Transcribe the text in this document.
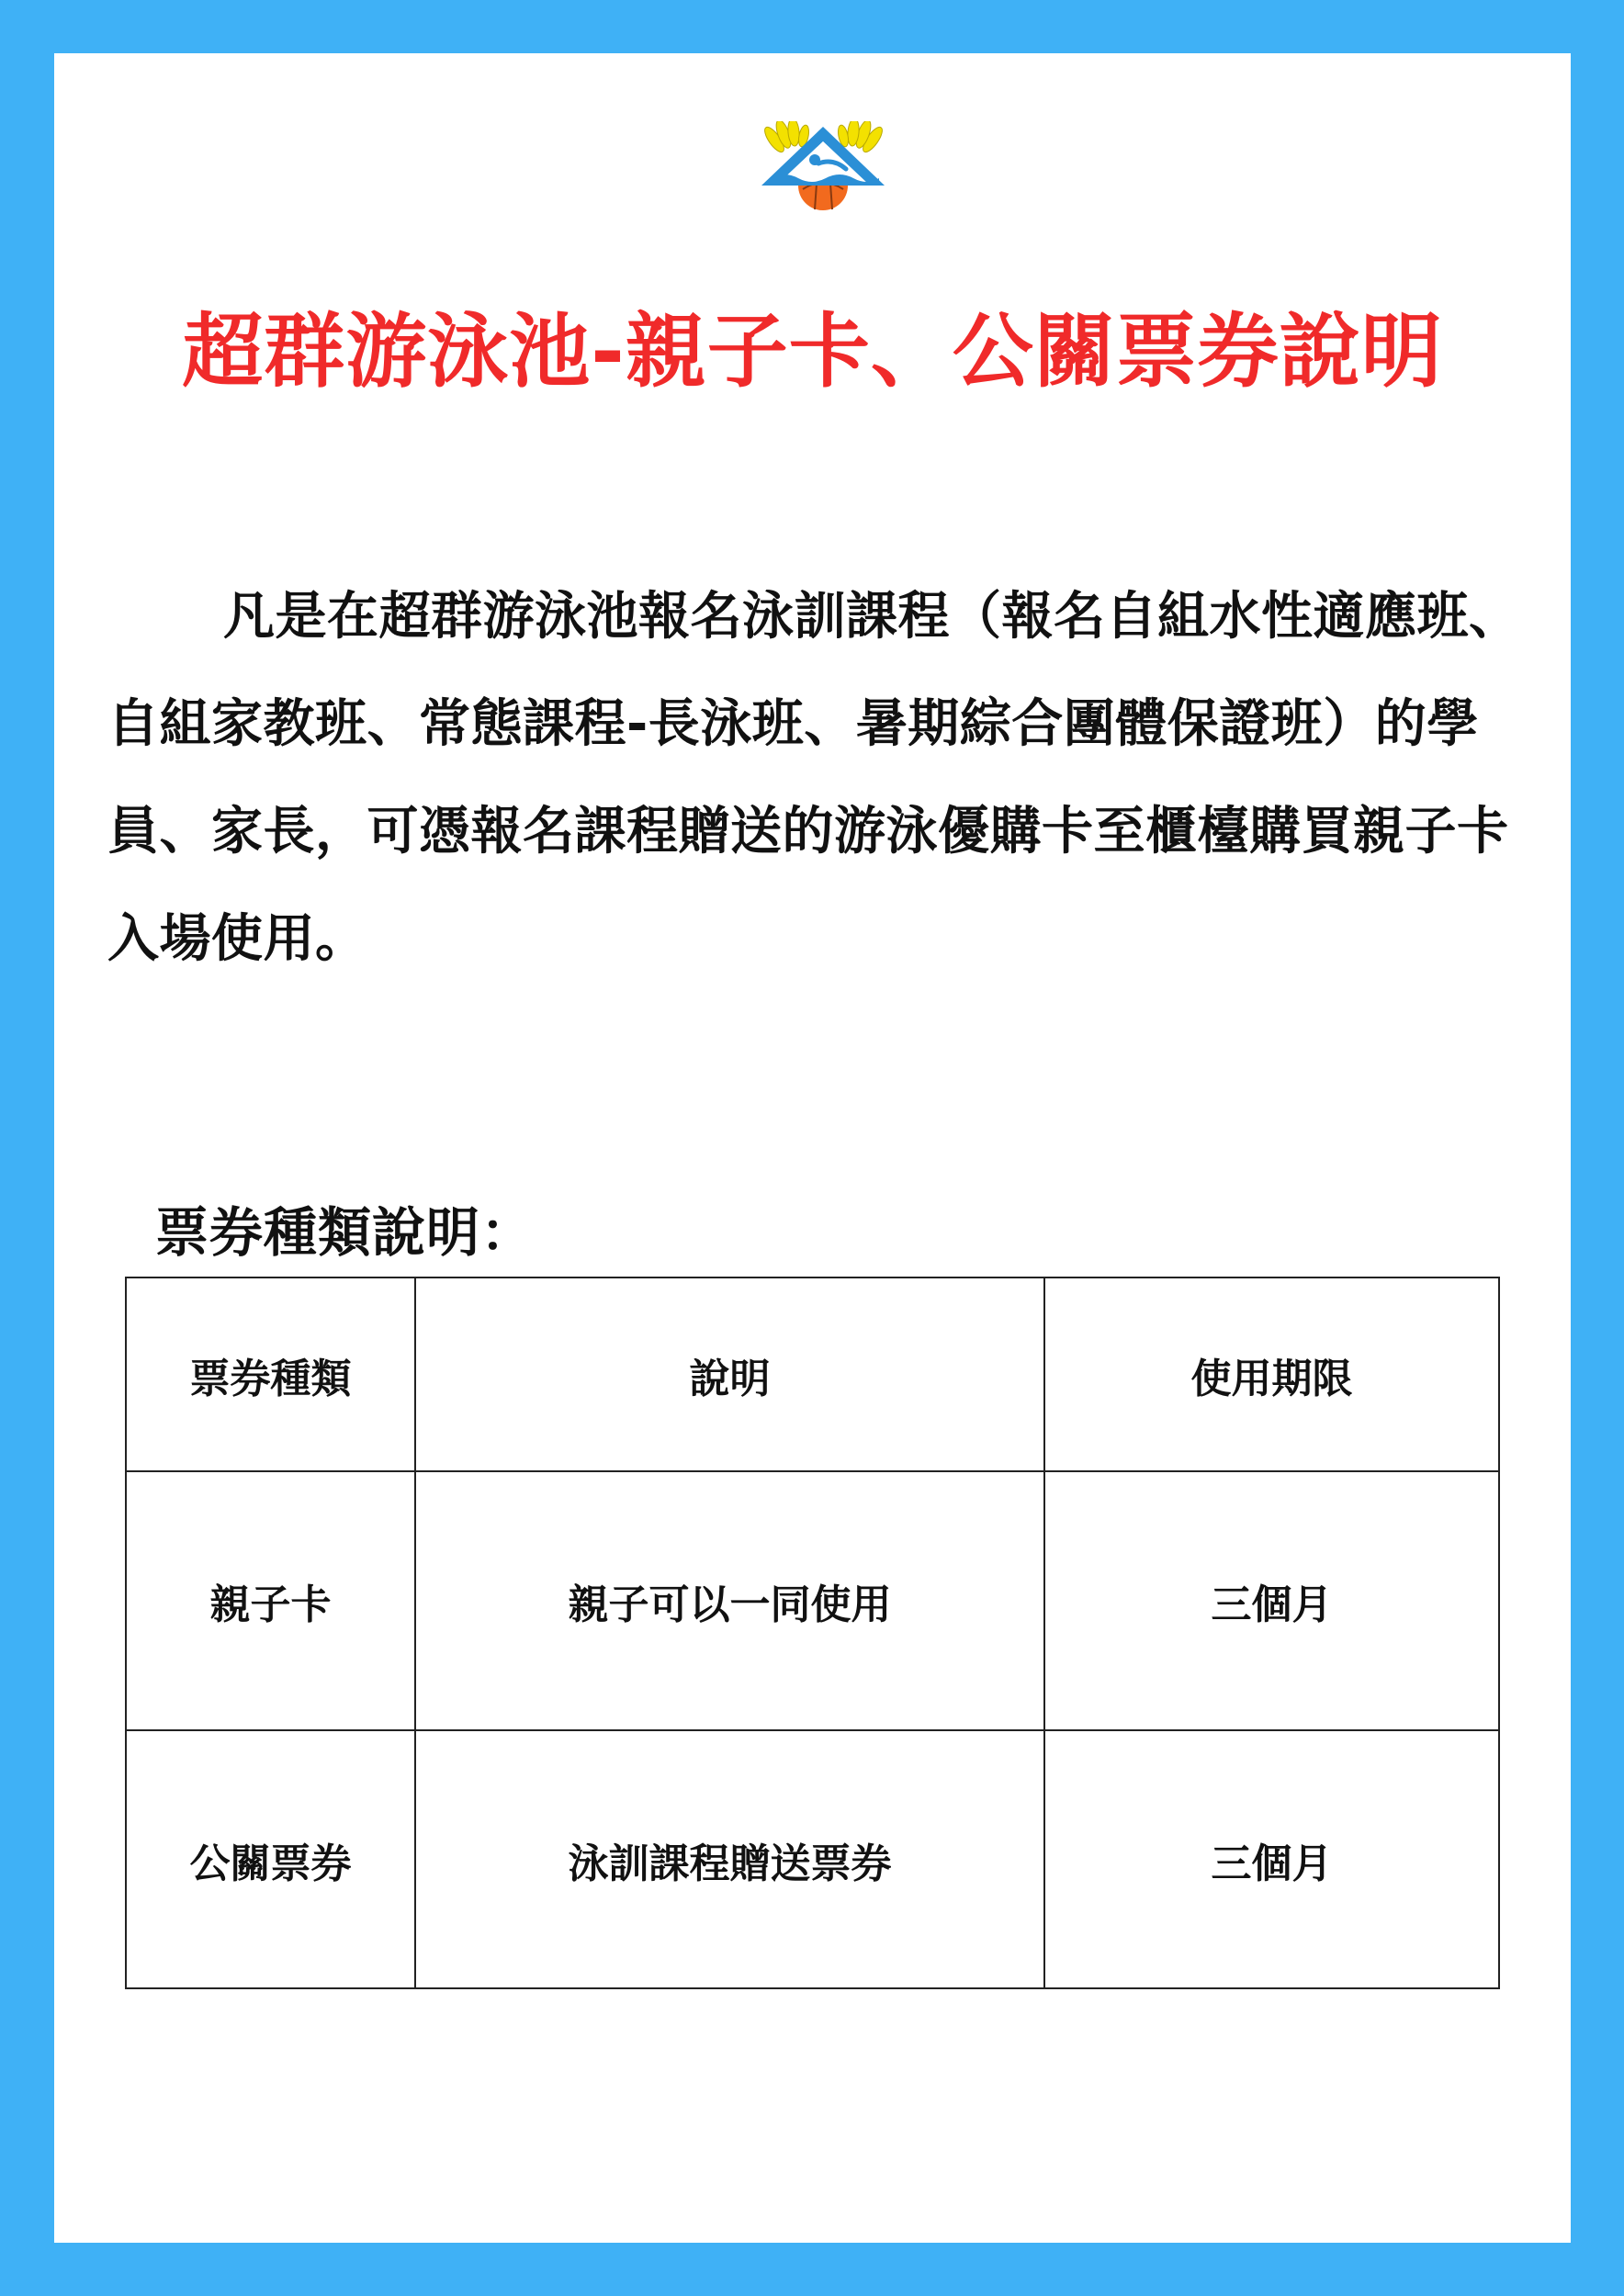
超群游泳池-親子卡、公關票券說明

凡是在超群游泳池報名泳訓課程（報名自組水性適應班、自組家教班、常態課程-長泳班、暑期綜合團體保證班）的學員、家長，可憑報名課程贈送的游泳優購卡至櫃檯購買親子卡入場使用。

票券種類說明：
票券種類	說明	使用期限
親子卡	親子可以一同使用	三個月
公關票券	泳訓課程贈送票券	三個月
